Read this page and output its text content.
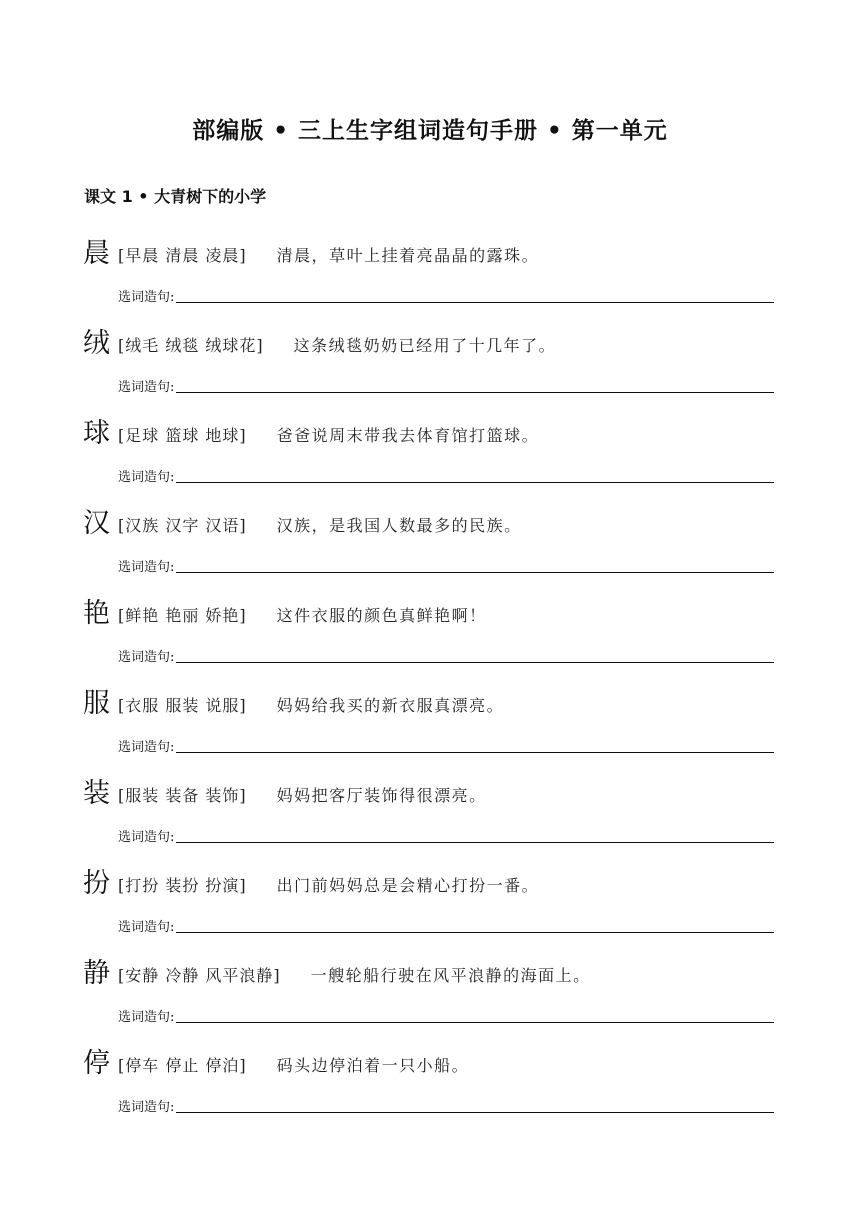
部编版 • 三上生字组词造句手册 • 第一单元
课文 1 • 大青树下的小学
晨 [早晨 清晨 凌晨] 清晨，草叶上挂着亮晶晶的露珠。
选词造句:
绒 [绒毛 绒毯 绒球花] 这条绒毯奶奶已经用了十几年了。
选词造句:
球 [足球 篮球 地球] 爸爸说周末带我去体育馆打篮球。
选词造句:
汉 [汉族 汉字 汉语] 汉族，是我国人数最多的民族。
选词造句:
艳 [鲜艳 艳丽 娇艳] 这件衣服的颜色真鲜艳啊！
选词造句:
服 [衣服 服装 说服] 妈妈给我买的新衣服真漂亮。
选词造句:
装 [服装 装备 装饰] 妈妈把客厅装饰得很漂亮。
选词造句:
扮 [打扮 装扮 扮演] 出门前妈妈总是会精心打扮一番。
选词造句:
静 [安静 冷静 风平浪静] 一艘轮船行驶在风平浪静的海面上。
选词造句:
停 [停车 停止 停泊] 码头边停泊着一只小船。
选词造句:
